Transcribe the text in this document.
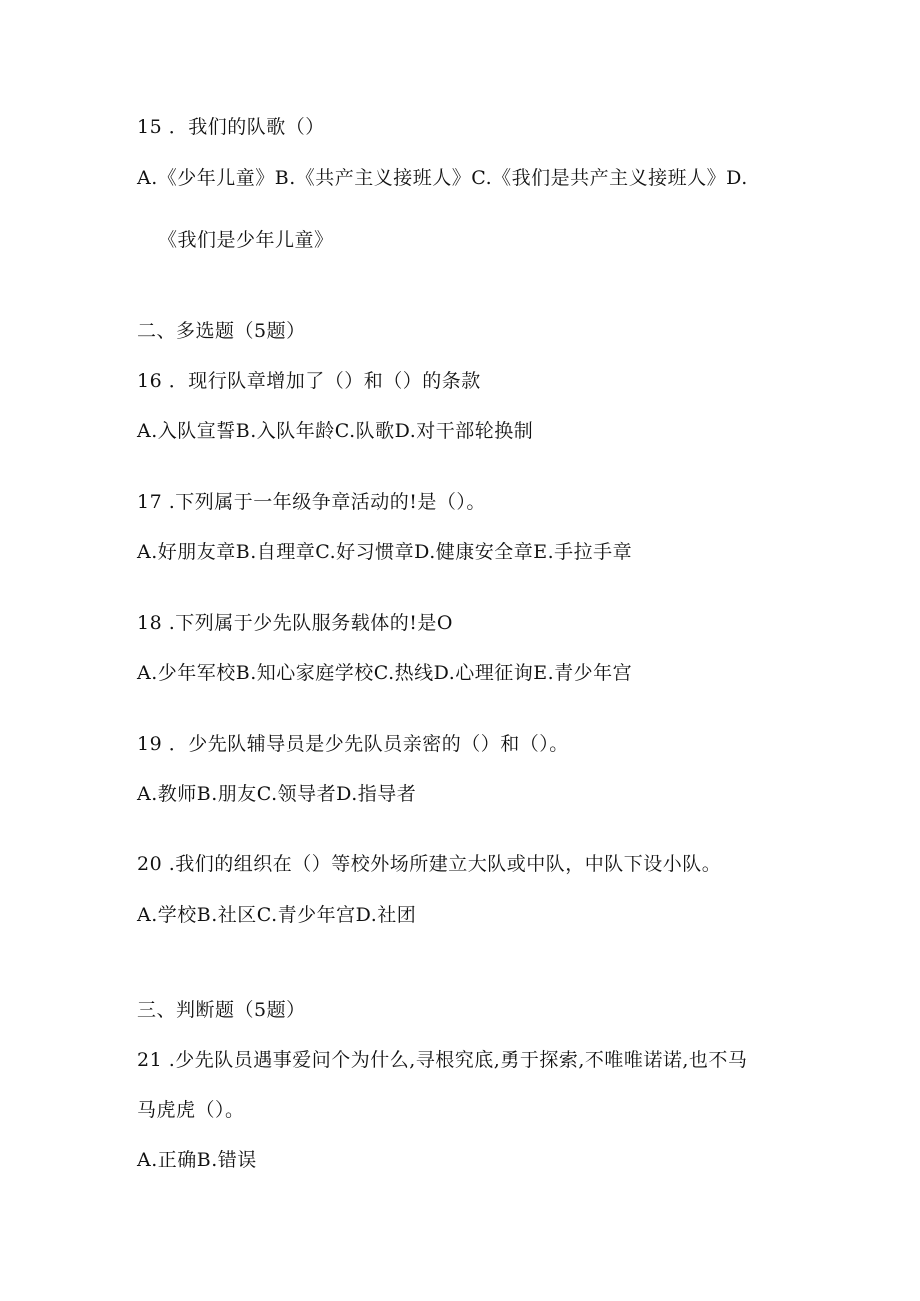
15 ．我们的队歌（）
A.《少年儿童》B.《共产主义接班人》C.《我们是共产主义接班人》D.
《我们是少年儿童》
二、多选题（5题）
16 ．现行队章增加了（）和（）的条款
A.入队宣誓B.入队年龄C.队歌D.对干部轮换制
17 .下列属于一年级争章活动的!是（）。
A.好朋友章B.自理章C.好习惯章D.健康安全章E.手拉手章
18 .下列属于少先队服务载体的!是O
A.少年军校B.知心家庭学校C.热线D.心理征询E.青少年宫
19 ．少先队辅导员是少先队员亲密的（）和（）。
A.教师B.朋友C.领导者D.指导者
20 .我们的组织在（）等校外场所建立大队或中队，中队下设小队。
A.学校B.社区C.青少年宫D.社团
三、判断题（5题）
21 .少先队员遇事爱问个为什么,寻根究底,勇于探索,不唯唯诺诺,也不马
马虎虎（）。
A.正确B.错误
